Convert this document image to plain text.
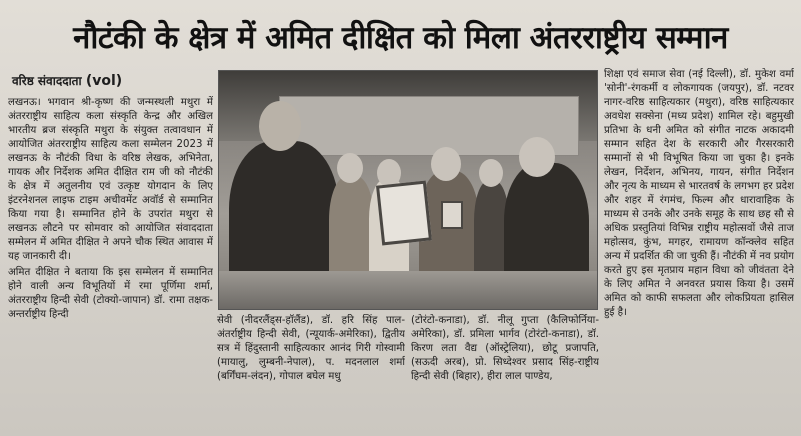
नौटंकी के क्षेत्र में अमित दीक्षित को मिला अंतरराष्ट्रीय सम्मान
वरिष्ठ संवाददाता (vol)

लखनऊ। भगवान श्री-कृष्ण की जन्मस्थली मथुरा में अंतरराष्ट्रीय साहित्य कला संस्कृति केन्द्र और अखिल भारतीय ब्रज संस्कृति मथुरा के संयुक्त तत्वावधान में आयोजित अंतरराष्ट्रीय साहित्य कला सम्मेलन 2023 में लखनऊ के नौटंकी विधा के वरिष्ठ लेखक, अभिनेता, गायक और निर्देशक अमित दीक्षित राम जी को नौटंकी के क्षेत्र में अतुलनीय एवं उत्कृष्ट योगदान के लिए इंटरनेशनल लाइफ टाइम अचीवमेंट अवॉर्ड से सम्मानित किया गया है। सम्मानित होने के उपरांत मथुरा से लखनऊ लौटने पर सोमवार को आयोजित संवाददाता सम्मेलन में अमित दीक्षित ने अपने चौक स्थित आवास में यह जानकारी दी।

अमित दीक्षित ने बताया कि इस सम्मेलन में सम्मानित होने वाली अन्य विभूतियों में रमा पूर्णिमा शर्मा, अंतरराष्ट्रीय हिन्दी सेवी (टोक्यो-जापान) डॉ. रामा तक्षक-अन्तर्राष्ट्रीय हिन्दी

सेवी (नीदरलैंड्स-हॉलैंड), डॉ. हरि सिंह पाल-अंतर्राष्ट्रीय हिन्दी सेवी, (न्यूयार्क-अमेरिका), द्वितीय सत्र में हिंदुस्तानी साहित्यकार आनंद गिरी गोस्वामी (मायालु, लुम्बनी-नेपाल), प. मदनलाल शर्मा (बर्गिंघम-लंदन), गोपाल बघेल मधु
(टोरंटो-कनाडा), डॉ. नीलू गुप्ता (कैलिफोर्निया-अमेरिका), डॉ. प्रमिला भार्गव (टोरंटो-कनाडा), डॉ. किरण लता वैद्य (ऑस्ट्रेलिया), छोटू प्रजापति, (सऊदी अरब), प्रो. सिध्देश्वर प्रसाद सिंह-राष्ट्रीय हिन्दी सेवी (बिहार), हीरा लाल पाण्डेय,

शिक्षा एवं समाज सेवा (नई दिल्ली), डॉ. मुकेश वर्मा 'सोनी'-रंगकर्मी व लोकगायक (जयपुर), डॉ. नटवर नागर-वरिष्ठ साहित्यकार (मथुरा), वरिष्ठ साहित्यकार अवधेश सक्सेना (मध्य प्रदेश) शामिल रहे। बहुमुखी प्रतिभा के धनी अमित को संगीत नाटक अकादमी सम्मान सहित देश के सरकारी और गैरसरकारी सम्मानों से भी विभूषित किया जा चुका है। इनके लेखन, निर्देशन, अभिनय, गायन, संगीत निर्देशन और नृत्य के माध्यम से भारतवर्ष के लगभग हर प्रदेश और शहर में रंगमंच, फिल्म और धारावाहिक के माध्यम से उनके और उनके समूह के साथ छह सौ से अधिक प्रस्तुतियां विभिन्न राष्ट्रीय महोत्सवों जैसे ताज महोत्सव, कुंभ, मगहर, रामायण कॉन्क्लेव सहित अन्य में प्रदर्शित की जा चुकी हैं। नौटंकी में नव प्रयोग करते हुए इस मृतप्राय महान विधा को जीवंतता देने के लिए अमित ने अनवरत प्रयास किया है। उसमें अमित को काफी सफलता और लोकप्रियता हासिल हुई है।
